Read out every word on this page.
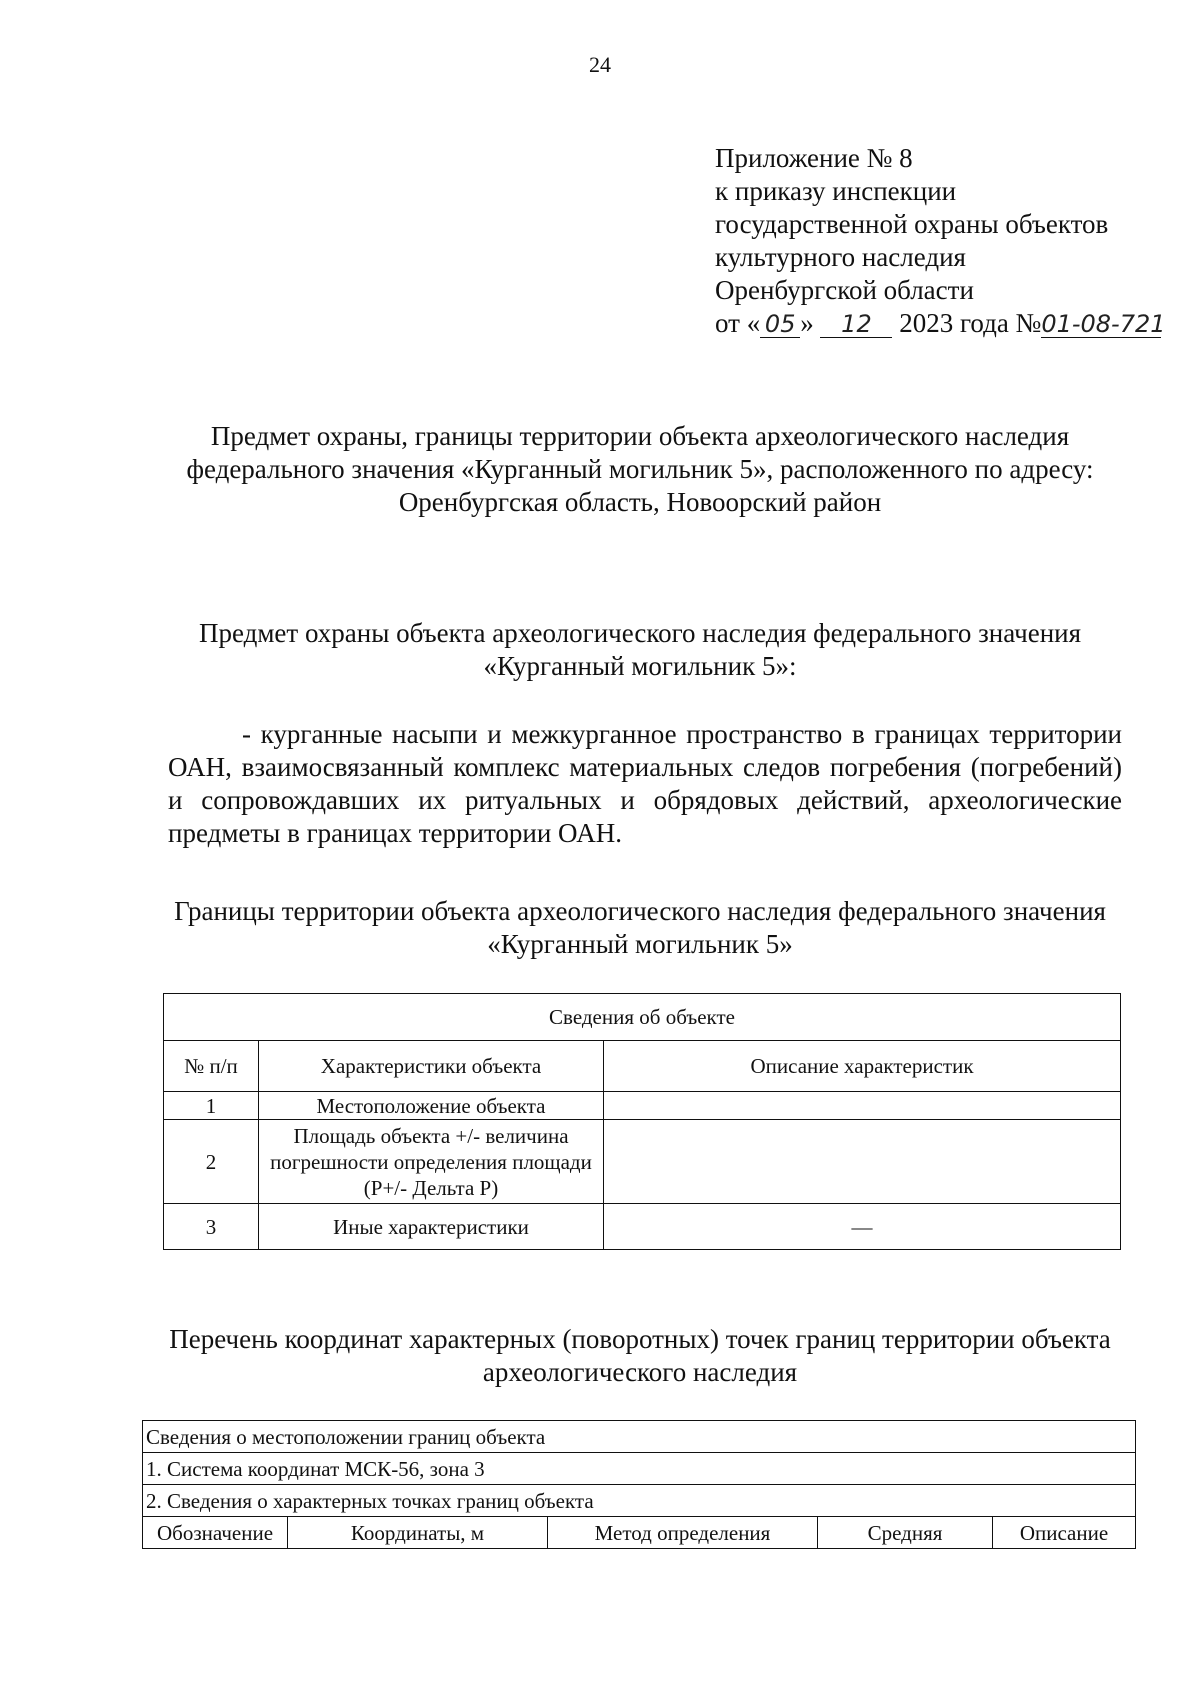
24
Приложение № 8
к приказу инспекции
государственной охраны объектов
культурного наследия
Оренбургской области
от « 05 » 12 2023 года №01-08-721
Предмет охраны, границы территории объекта археологического наследия федерального значения «Курганный могильник 5», расположенного по адресу: Оренбургская область, Новоорский район
Предмет охраны объекта археологического наследия федерального значения «Курганный могильник 5»:
- курганные насыпи и межкурганное пространство в границах территории ОАН, взаимосвязанный комплекс материальных следов погребения (погребений) и сопровождавших их ритуальных и обрядовых действий, археологические предметы в границах территории ОАН.
Границы территории объекта археологического наследия федерального значения «Курганный могильник 5»
Сведения об объекте		
№ п/п	Характеристики объекта	Описание характеристик
1	Местоположение объекта	
2	Площадь объекта +/- величина погрешности определения площади (Р+/- Дельта Р)	
3	Иные характеристики	—
Перечень координат характерных (поворотных) точек границ территории объекта археологического наследия
Сведения о местоположении границ объекта
1. Система координат МСК-56, зона 3
2. Сведения о характерных точках границ объекта
Обозначение	Координаты, м	Метод определения	Средняя	Описание
